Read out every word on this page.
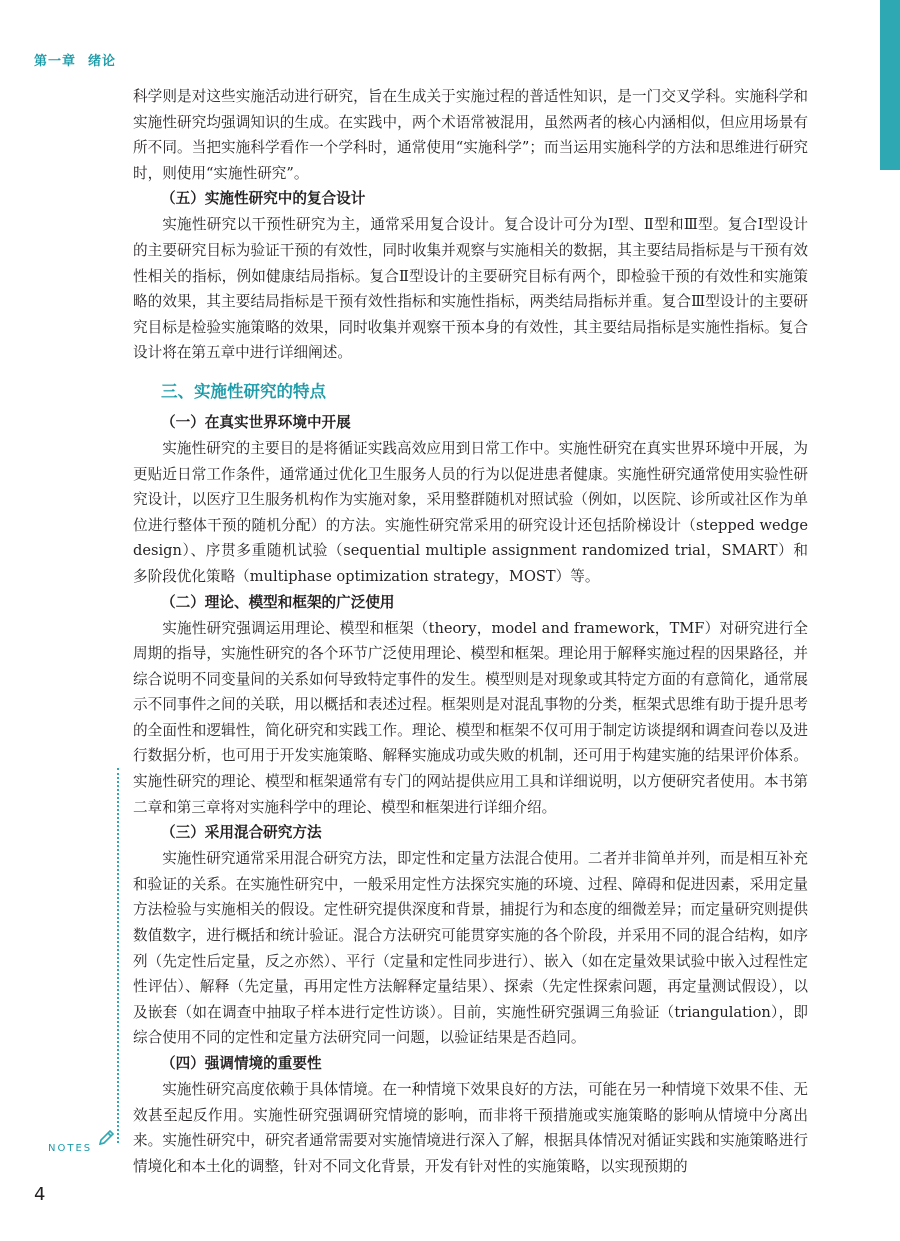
第一章 绪论

科学则是对这些实施活动进行研究，旨在生成关于实施过程的普适性知识，是一门交叉学科。实施科学和实施性研究均强调知识的生成。在实践中，两个术语常被混用，虽然两者的核心内涵相似，但应用场景有所不同。当把实施科学看作一个学科时，通常使用“实施科学”；而当运用实施科学的方法和思维进行研究时，则使用“实施性研究”。

（五）实施性研究中的复合设计

实施性研究以干预性研究为主，通常采用复合设计。复合设计可分为Ⅰ型、Ⅱ型和Ⅲ型。复合Ⅰ型设计的主要研究目标为验证干预的有效性，同时收集并观察与实施相关的数据，其主要结局指标是与干预有效性相关的指标，例如健康结局指标。复合Ⅱ型设计的主要研究目标有两个，即检验干预的有效性和实施策略的效果，其主要结局指标是干预有效性指标和实施性指标，两类结局指标并重。复合Ⅲ型设计的主要研究目标是检验实施策略的效果，同时收集并观察干预本身的有效性，其主要结局指标是实施性指标。复合设计将在第五章中进行详细阐述。

三、实施性研究的特点
（一）在真实世界环境中开展

实施性研究的主要目的是将循证实践高效应用到日常工作中。实施性研究在真实世界环境中开展，为更贴近日常工作条件，通常通过优化卫生服务人员的行为以促进患者健康。实施性研究通常使用实验性研究设计，以医疗卫生服务机构作为实施对象，采用整群随机对照试验（例如，以医院、诊所或社区作为单位进行整体干预的随机分配）的方法。实施性研究常采用的研究设计还包括阶梯设计（stepped wedge design）、序贯多重随机试验（sequential multiple assignment randomized trial，SMART）和多阶段优化策略（multiphase optimization strategy，MOST）等。

（二）理论、模型和框架的广泛使用

实施性研究强调运用理论、模型和框架（theory，model and framework，TMF）对研究进行全周期的指导，实施性研究的各个环节广泛使用理论、模型和框架。理论用于解释实施过程的因果路径，并综合说明不同变量间的关系如何导致特定事件的发生。模型则是对现象或其特定方面的有意简化，通常展示不同事件之间的关联，用以概括和表述过程。框架则是对混乱事物的分类，框架式思维有助于提升思考的全面性和逻辑性，简化研究和实践工作。理论、模型和框架不仅可用于制定访谈提纲和调查问卷以及进行数据分析，也可用于开发实施策略、解释实施成功或失败的机制，还可用于构建实施的结果评价体系。实施性研究的理论、模型和框架通常有专门的网站提供应用工具和详细说明，以方便研究者使用。本书第二章和第三章将对实施科学中的理论、模型和框架进行详细介绍。

（三）采用混合研究方法

实施性研究通常采用混合研究方法，即定性和定量方法混合使用。二者并非简单并列，而是相互补充和验证的关系。在实施性研究中，一般采用定性方法探究实施的环境、过程、障碍和促进因素，采用定量方法检验与实施相关的假设。定性研究提供深度和背景，捕捉行为和态度的细微差异；而定量研究则提供数值数字，进行概括和统计验证。混合方法研究可能贯穿实施的各个阶段，并采用不同的混合结构，如序列（先定性后定量，反之亦然）、平行（定量和定性同步进行）、嵌入（如在定量效果试验中嵌入过程性定性评估）、解释（先定量，再用定性方法解释定量结果）、探索（先定性探索问题，再定量测试假设），以及嵌套（如在调查中抽取子样本进行定性访谈）。目前，实施性研究强调三角验证（triangulation），即综合使用不同的定性和定量方法研究同一问题，以验证结果是否趋同。

（四）强调情境的重要性

实施性研究高度依赖于具体情境。在一种情境下效果良好的方法，可能在另一种情境下效果不佳、无效甚至起反作用。实施性研究强调研究情境的影响，而非将干预措施或实施策略的影响从情境中分离出来。实施性研究中，研究者通常需要对实施情境进行深入了解，根据具体情况对循证实践和实施策略进行情境化和本土化的调整，针对不同文化背景，开发有针对性的实施策略，以实现预期的

NOTES
4
